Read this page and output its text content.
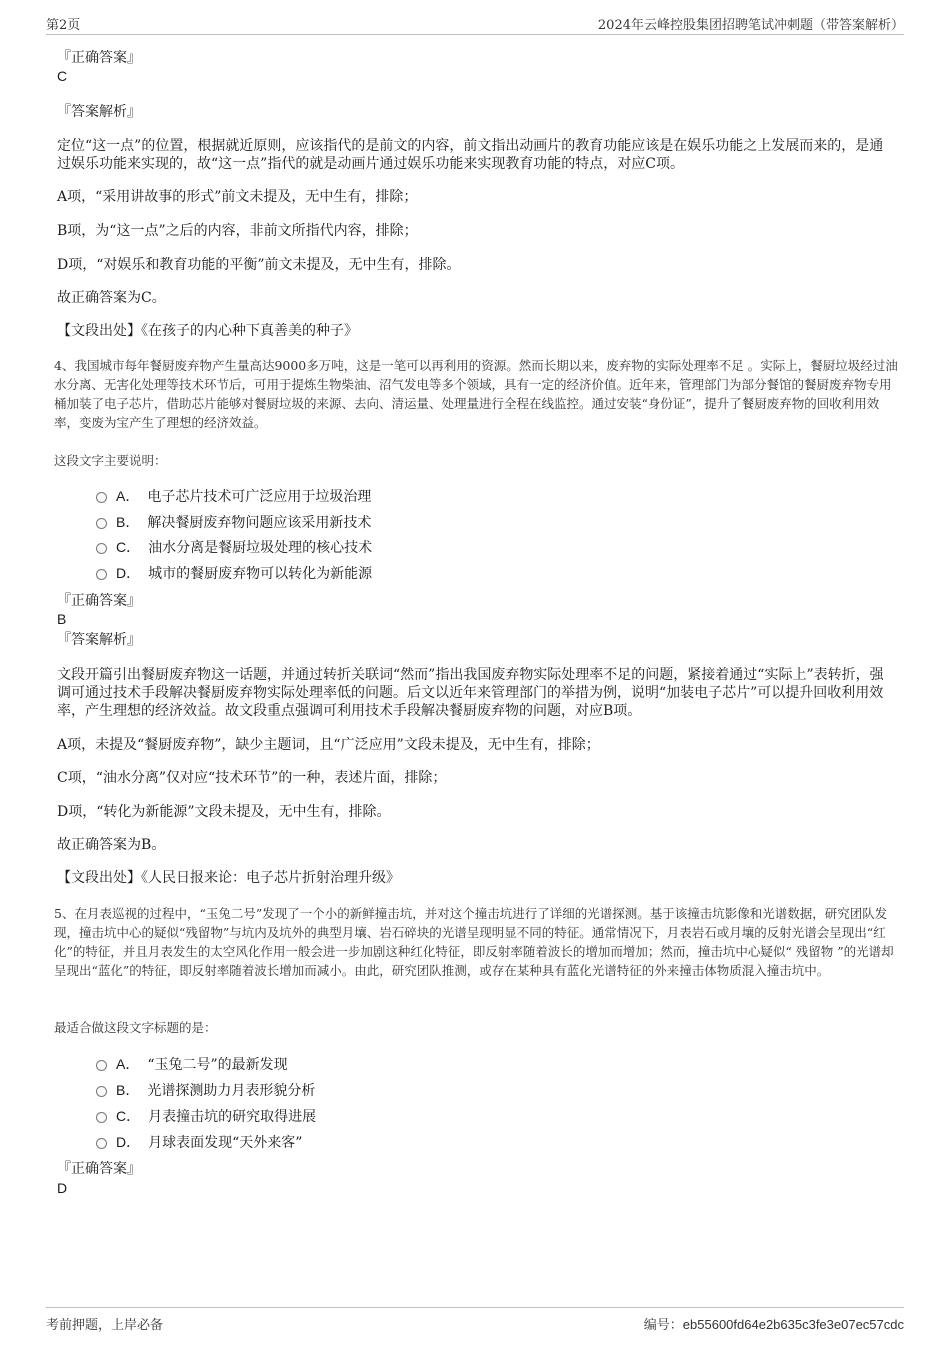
第2页	2024年云峰控股集团招聘笔试冲刺题（带答案解析）
『正确答案』
C
『答案解析』
定位“这一点”的位置，根据就近原则，应该指代的是前文的内容，前文指出动画片的教育功能应该是在娱乐功能之上发展而来的，是通过娱乐功能来实现的，故“这一点”指代的就是动画片通过娱乐功能来实现教育功能的特点，对应C项。
A项，“采用讲故事的形式”前文未提及，无中生有，排除；
B项，为“这一点”之后的内容，非前文所指代内容，排除；
D项，“对娱乐和教育功能的平衡”前文未提及，无中生有，排除。
故正确答案为C。
【文段出处】《在孩子的内心种下真善美的种子》
4、我国城市每年餐厨废弃物产生量高达9000多万吨，这是一笔可以再利用的资源。然而长期以来，废弃物的实际处理率不足 。实际上，餐厨垃圾经过油水分离、无害化处理等技术环节后，可用于提炼生物柴油、沼气发电等多个领域，具有一定的经济价值。近年来，管理部门为部分餐馆的餐厨废弃物专用桶加装了电子芯片，借助芯片能够对餐厨垃圾的来源、去向、清运量、处理量进行全程在线监控。通过安装“身份证”，提升了餐厨废弃物的回收利用效率，变废为宝产生了理想的经济效益。
这段文字主要说明：
A． 电子芯片技术可广泛应用于垃圾治理
B． 解决餐厨废弃物问题应该采用新技术
C． 油水分离是餐厨垃圾处理的核心技术
D． 城市的餐厨废弃物可以转化为新能源
『正确答案』
B
『答案解析』
文段开篇引出餐厨废弃物这一话题，并通过转折关联词“然而”指出我国废弃物实际处理率不足的问题，紧接着通过“实际上”表转折，强调可通过技术手段解决餐厨废弃物实际处理率低的问题。后文以近年来管理部门的举措为例，说明“加装电子芯片”可以提升回收利用效率，产生理想的经济效益。故文段重点强调可利用技术手段解决餐厨废弃物的问题，对应B项。
A项，未提及“餐厨废弃物”，缺少主题词，且“广泛应用”文段未提及，无中生有，排除；
C项，“油水分离”仅对应“技术环节”的一种，表述片面，排除；
D项，“转化为新能源”文段未提及，无中生有，排除。
故正确答案为B。
【文段出处】《人民日报来论：电子芯片折射治理升级》
5、在月表巡视的过程中，“玉兔二号”发现了一个小的新鲜撞击坑，并对这个撞击坑进行了详细的光谱探测。基于该撞击坑影像和光谱数据，研究团队发现，撞击坑中心的疑似“残留物”与坑内及坑外的典型月壤、岩石碎块的光谱呈现明显不同的特征。通常情况下，月表岩石或月壤的反射光谱会呈现出“红化”的特征，并且月表发生的太空风化作用一般会进一步加剧这种红化特征，即反射率随着波长的增加而增加；然而，撞击坑中心疑似“ 残留物 ”的光谱却呈现出“蓝化”的特征，即反射率随着波长增加而减小。由此，研究团队推测，或存在某种具有蓝化光谱特征的外来撞击体物质混入撞击坑中。
最适合做这段文字标题的是：
A． “玉兔二号”的最新发现
B． 光谱探测助力月表形貌分析
C． 月表撞击坑的研究取得进展
D． 月球表面发现“天外来客”
『正确答案』
D
考前押题，上岸必备	编号：eb55600fd64e2b635c3fe3e07ec57cdc
